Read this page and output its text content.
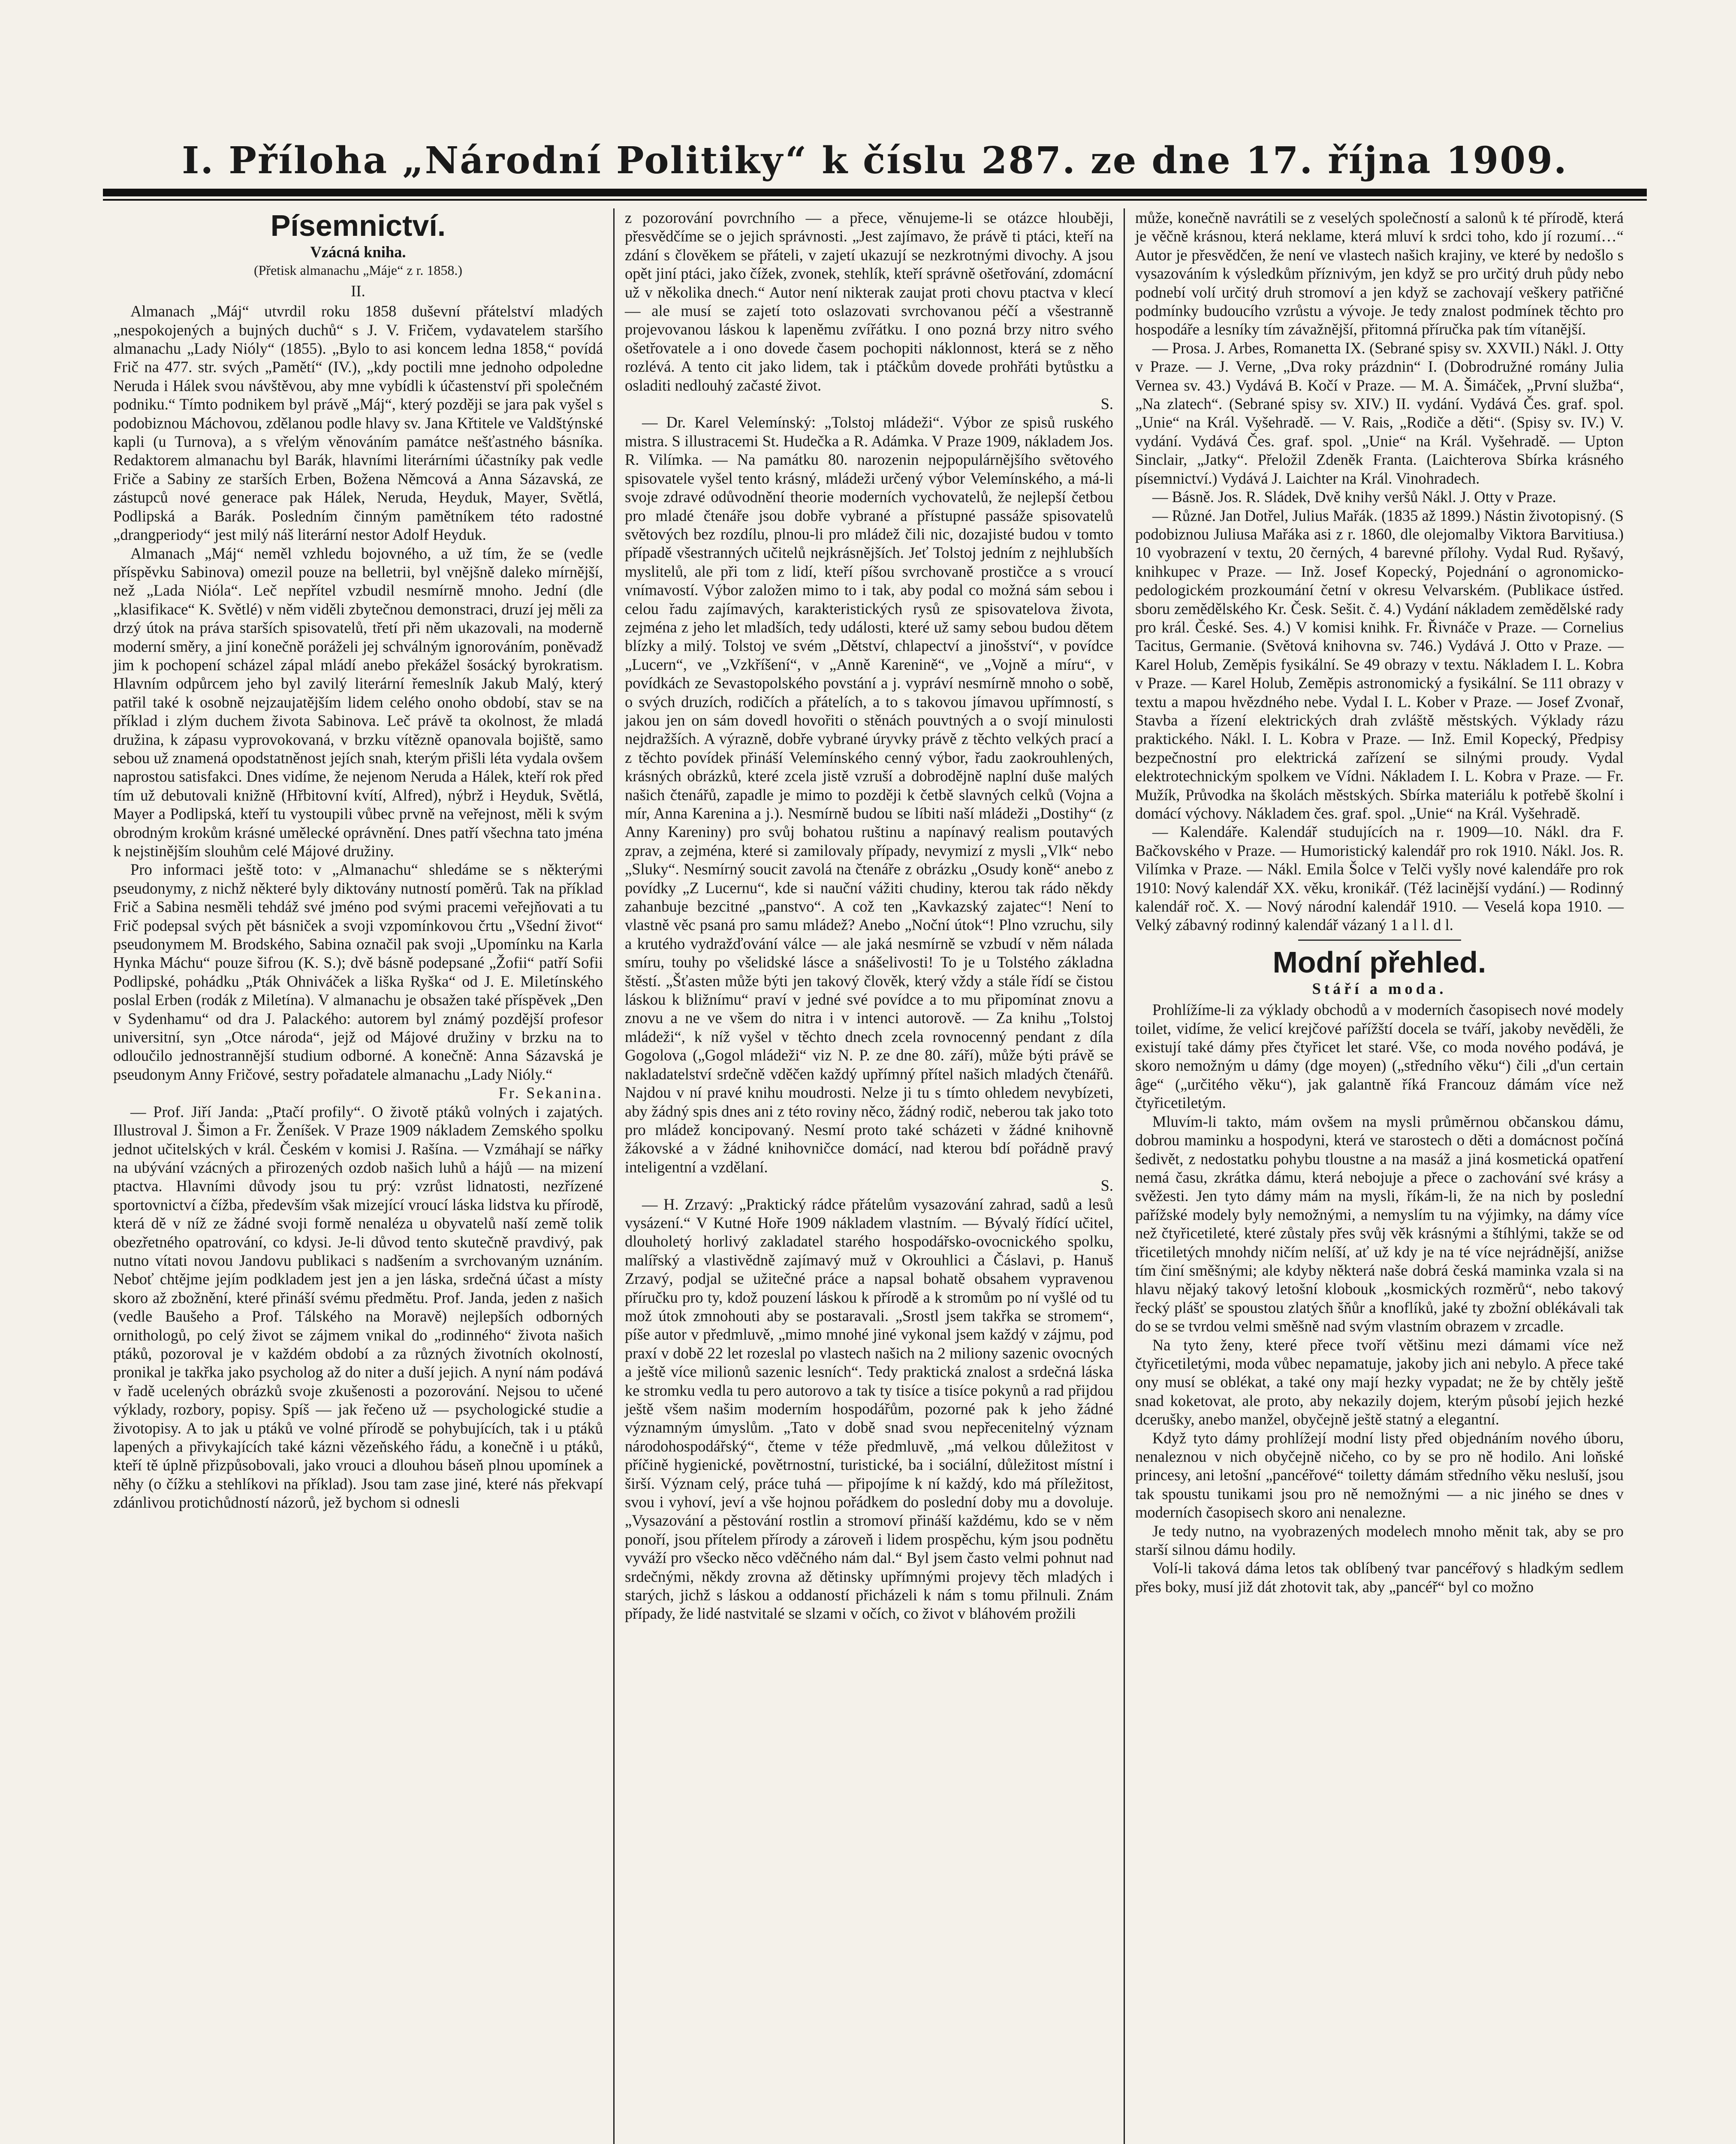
I. Příloha „Národní Politiky“ k číslu 287. ze dne 17. října 1909.
Písemnictví.

Vzácná kniha.

(Přetisk almanachu „Máje“ z r. 1858.)

II.

Almanach „Máj“ utvrdil roku 1858 duševní přátelství mladých „nespokojených a bujných duchů“ s J. V. Fričem, vydavatelem staršího almanachu „Lady Nióly“ (1855). „Bylo to asi koncem ledna 1858,“ povídá Frič na 477. str. svých „Pamětí“ (IV.), „kdy poctili mne jednoho odpoledne Neruda i Hálek svou návštěvou, aby mne vybídli k účastenství při společném podniku.“ Tímto podnikem byl právě „Máj“, který později se jara pak vyšel s podobiznou Máchovou, zdělanou podle hlavy sv. Jana Křtitele ve Valdštýnské kapli (u Turnova), a s vřelým věnováním památce nešťastného básníka. Redaktorem almanachu byl Barák, hlavními literárními účastníky pak vedle Friče a Sabiny ze starších Erben, Božena Němcová a Anna Sázavská, ze zástupců nové generace pak Hálek, Neruda, Heyduk, Mayer, Světlá, Podlipská a Barák. Posledním činným pamětníkem této radostné „drangperiody“ jest milý náš literární nestor Adolf Heyduk.

Almanach „Máj“ neměl vzhledu bojovného, a už tím, že se (vedle příspěvku Sabinova) omezil pouze na belletrii, byl vnějšně daleko mírnější, než „Lada Nióla“. Leč nepřítel vzbudil nesmírně mnoho. Jední (dle „klasifikace“ K. Světlé) v něm viděli zbytečnou demonstraci, druzí jej měli za drzý útok na práva starších spisovatelů, třetí při něm ukazovali, na moderně moderní směry, a jiní konečně poráželi jej schválným ignorováním, poněvadž jim k pochopení scházel zápal mládí anebo překážel šosácký byrokratism. Hlavním odpůrcem jeho byl zavilý literární řemeslník Jakub Malý, který patřil také k osobně nejzaujatějším lidem celého onoho období, stav se na příklad i zlým duchem života Sabinova. Leč právě ta okolnost, že mladá družina, k zápasu vyprovokovaná, v brzku vítězně opanovala bojiště, samo sebou už znamená opodstatněnost jejích snah, kterým přišli léta vydala ovšem naprostou satisfakci. Dnes vidíme, že nejenom Neruda a Hálek, kteří rok před tím už debutovali knižně (Hřbitovní kvítí, Alfred), nýbrž i Heyduk, Světlá, Mayer a Podlipská, kteří tu vystoupili vůbec prvně na veřejnost, měli k svým obrodným krokům krásné umělecké oprávnění. Dnes patří všechna tato jména k nejstinějším slouhům celé Májové družiny.

Pro informaci ještě toto: v „Almanachu“ shledáme se s některými pseudonymy, z nichž některé byly diktovány nutností poměrů. Tak na příklad Frič a Sabina nesměli tehdáž své jméno pod svými pracemi veřejňovati a tu Frič podepsal svých pět básniček a svoji vzpomínkovou črtu „Všední život“ pseudonymem M. Brodského, Sabina označil pak svoji „Upomínku na Karla Hynka Máchu“ pouze šifrou (K. S.); dvě básně podepsané „Žofii“ patří Sofii Podlipské, pohádku „Pták Ohniváček a liška Ryška“ od J. E. Miletínského poslal Erben (rodák z Miletína). V almanachu je obsažen také příspěvek „Den v Sydenhamu“ od dra J. Palackého: autorem byl známý pozdější profesor universitní, syn „Otce národa“, jejž od Májové družiny v brzku na to odloučilo jednostrannější studium odborné. A konečně: Anna Sázavská je pseudonym Anny Fričové, sestry pořadatele almanachu „Lady Nióly.“

Fr. Sekanina.

— Prof. Jiří Janda: „Ptačí profily“. O životě ptáků volných i zajatých. Illustroval J. Šimon a Fr. Ženíšek. V Praze 1909 nákladem Zemského spolku jednot učitelských v král. Českém v komisi J. Rašína. — Vzmáhají se nářky na ubývání vzácných a přirozených ozdob našich luhů a hájů — na mizení ptactva. Hlavními důvody jsou tu prý: vzrůst lidnatosti, nezřízené sportovnictví a čížba, především však mizející vroucí láska lidstva ku přírodě, která dě v níž ze žádné svoji formě nenaléza u obyvatelů naší země tolik obezřetného opatrování, co kdysi. Je-li důvod tento skutečně pravdivý, pak nutno vítati novou Jandovu publikaci s nadšením a svrchovaným uznáním. Neboť chtějme jejím podkladem jest jen a jen láska, srdečná účast a místy skoro až zbožnění, které přináší svému předmětu. Prof. Janda, jeden z našich (vedle Baušeho a Prof. Tálského na Moravě) nejlepších odborných ornithologů, po celý život se zájmem vnikal do „rodinného“ života našich ptáků, pozoroval je v každém období a za různých životních okolností, pronikal je takřka jako psycholog až do niter a duší jejich. A nyní nám podává v řadě ucelených obrázků svoje zkušenosti a pozorování. Nejsou to učené výklady, rozbory, popisy. Spíš — jak řečeno už — psychologické studie a životopisy. A to jak u ptáků ve volné přírodě se pohybujících, tak i u ptáků lapených a přivykajících také kázni vězeňského řádu, a konečně i u ptáků, kteří tě úplně přizpůsobovali, jako vrouci a dlouhou báseň plnou upomínek a něhy (o čížku a stehlíkovi na příklad). Jsou tam zase jiné, které nás překvapí zdánlivou protichůdností názorů, jež bychom si odnesli

z pozorování povrchního — a přece, věnujeme-li se otázce hlouběji, přesvědčíme se o jejich správnosti. „Jest zajímavo, že právě ti ptáci, kteří na zdání s člověkem se přáteli, v zajetí ukazují se nezkrotnými divochy. A jsou opět jiní ptáci, jako čížek, zvonek, stehlík, kteří správně ošetřování, zdomácní už v několika dnech.“ Autor není nikterak zaujat proti chovu ptactva v klecí — ale musí se zajetí toto oslazovati svrchovanou péčí a všestranně projevovanou láskou k lapeněmu zvířátku. I ono pozná brzy nitro svého ošetřovatele a i ono dovede časem pochopiti náklonnost, která se z něho rozlévá. A tento cit jako lidem, tak i ptáčkům dovede prohřáti bytůstku a osladiti nedlouhý začasté život.

S.

— Dr. Karel Velemínský: „Tolstoj mládeži“. Výbor ze spisů ruského mistra. S illustracemi St. Hudečka a R. Adámka. V Praze 1909, nákladem Jos. R. Vilímka. — Na památku 80. narozenin nejpopulárnějšího světového spisovatele vyšel tento krásný, mládeži určený výbor Velemínského, a má-li svoje zdravé odůvodnění theorie moderních vychovatelů, že nejlepší četbou pro mladé čtenáře jsou dobře vybrané a přístupné passáže spisovatelů světových bez rozdílu, plnou-li pro mládež čili nic, dozajisté budou v tomto případě všestranných učitelů nejkrásnějších. Jeť Tolstoj jedním z nejhlubších myslitelů, ale při tom z lidí, kteří píšou svrchovaně prostičce a s vroucí vnímavostí. Výbor založen mimo to i tak, aby podal co možná sám sebou i celou řadu zajímavých, karakteristických rysů ze spisovatelova života, zejména z jeho let mladších, tedy události, které už samy sebou budou dětem blízky a milý. Tolstoj ve svém „Dětství, chlapectví a jinošství“, v povídce „Lucern“, ve „Vzkříšení“, v „Anně Karenině“, ve „Vojně a míru“, v povídkách ze Sevastopolského povstání a j. vypráví nesmírně mnoho o sobě, o svých druzích, rodičích a přátelích, a to s takovou jímavou upřímností, s jakou jen on sám dovedl hovořiti o stěnách pouvtných a o svojí minulosti nejdražších. A výrazně, dobře vybrané úryvky právě z těchto velkých prací a z těchto povídek přináší Velemínského cenný výbor, řadu zaokrouhlených, krásných obrázků, které zcela jistě vzruší a dobrodějně naplní duše malých našich čtenářů, zapadle je mimo to později k četbě slavných celků (Vojna a mír, Anna Karenina a j.). Nesmírně budou se líbiti naší mládeži „Dostihy“ (z Anny Kareniny) pro svůj bohatou ruštinu a napínavý realism poutavých zprav, a zejména, které si zamilovaly případy, nevymizí z mysli „Vlk“ nebo „Sluky“. Nesmírný soucit zavolá na čtenáře z obrázku „Osudy koně“ anebo z povídky „Z Lucernu“, kde si nauční vážiti chudiny, kterou tak rádo někdy zahanbuje bezcitné „panstvo“. A což ten „Kavkazský zajatec“! Není to vlastně věc psaná pro samu mládež? Anebo „Noční útok“! Plno vzruchu, sily a krutého vydražďování válce — ale jaká nesmírně se vzbudí v něm nálada smíru, touhy po všelidské lásce a snášelivosti! To je u Tolstého základna štěstí. „Šťasten může býti jen takový člověk, který vždy a stále řídí se čistou láskou k bližnímu“ praví v jedné své povídce a to mu připomínat znovu a znovu a ne ve všem do nitra i v intenci autorově. — Za knihu „Tolstoj mládeži“, k níž vyšel v těchto dnech zcela rovnocenný pendant z díla Gogolova („Gogol mládeži“ viz N. P. ze dne 80. září), může býti právě se nakladatelství srdečně vděčen každý upřímný přítel našich mladých čtenářů. Najdou v ní pravé knihu moudrosti. Nelze ji tu s tímto ohledem nevybízeti, aby žádný spis dnes ani z této roviny něco, žádný rodič, neberou tak jako toto pro mládež koncipovaný. Nesmí proto také scházeti v žádné knihovně žákovské a v žádné knihovničce domácí, nad kterou bdí pořádně pravý inteligentní a vzdělaní.

S.

— H. Zrzavý: „Praktický rádce přátelům vysazování zahrad, sadů a lesů vysázení.“ V Kutné Hoře 1909 nákladem vlastním. — Bývalý řídící učitel, dlouholetý horlivý zakladatel starého hospodářsko-ovocnického spolku, malířský a vlastivědně zajímavý muž v Okrouhlici a Čáslavi, p. Hanuš Zrzavý, podjal se užitečné práce a napsal bohatě obsahem vypravenou příručku pro ty, kdož pouzení láskou k přírodě a k stromům po ní vyšlé od tu mož útok zmnohouti aby se postaravali. „Srostl jsem takřka se stromem“, píše autor v předmluvě, „mimo mnohé jiné vykonal jsem každý v zájmu, pod praxí v době 22 let rozeslal po vlastech našich na 2 miliony sazenic ovocných a ještě více milionů sazenic lesních“. Tedy praktická znalost a srdečná láska ke stromku vedla tu pero autorovo a tak ty tisíce a tisíce pokynů a rad přijdou ještě všem našim moderním hospodářům, pozorné pak k jeho žádné významným úmyslům. „Tato v době snad svou nepřecenitelný význam národohospodářský“, čteme v téže předmluvě, „má velkou důležitost v příčině hygienické, povětrnostní, turistické, ba i sociální, důležitost místní i širší. Význam celý, práce tuhá — připojíme k ní každý, kdo má příležitost, svou i vyhoví, jeví a vše hojnou pořádkem do poslední doby mu a dovoluje. „Vysazování a pěstování rostlin a stromoví přináší každému, kdo se v něm ponoří, jsou přítelem přírody a zároveň i lidem prospěchu, kým jsou podnětu vyváží pro všecko něco vděčného nám dal.“ Byl jsem často velmi pohnut nad srdečnými, někdy zrovna až dětinsky upřímnými projevy těch mladých i starých, jichž s láskou a oddaností přicházeli k nám s tomu přilnuli. Znám případy, že lidé nastvitalé se slzami v očích, co život v bláhovém prožili

může, konečně navrátili se z veselých společností a salonů k té přírodě, která je věčně krásnou, která neklame, která mluví k srdci toho, kdo jí rozumí…“ Autor je přesvědčen, že není ve vlastech našich krajiny, ve které by nedošlo s vysazováním k výsledkům příznivým, jen když se pro určitý druh půdy nebo podnebí volí určitý druh stromoví a jen když se zachovají veškery patřičné podmínky budoucího vzrůstu a vývoje. Je tedy znalost podmínek těchto pro hospodáře a lesníky tím závažnější, přitomná příručka pak tím vítanější.

— Prosa. J. Arbes, Romanetta IX. (Sebrané spisy sv. XXVII.) Nákl. J. Otty v Praze. — J. Verne, „Dva roky prázdnin“ I. (Dobrodružné romány Julia Vernea sv. 43.) Vydává B. Kočí v Praze. — M. A. Šimáček, „První služba“, „Na zlatech“. (Sebrané spisy sv. XIV.) II. vydání. Vydává Čes. graf. spol. „Unie“ na Král. Vyšehradě. — V. Rais, „Rodiče a děti“. (Spisy sv. IV.) V. vydání. Vydává Čes. graf. spol. „Unie“ na Král. Vyšehradě. — Upton Sinclair, „Jatky“. Přeložil Zdeněk Franta. (Laichterova Sbírka krásného písemnictví.) Vydává J. Laichter na Král. Vinohradech.

— Básně. Jos. R. Sládek, Dvě knihy veršů Nákl. J. Otty v Praze.

— Různé. Jan Dotřel, Julius Mařák. (1835 až 1899.) Nástin životopisný. (S podobiznou Juliusa Mařáka asi z r. 1860, dle olejomalby Viktora Barvitiusa.) 10 vyobrazení v textu, 20 černých, 4 barevné přílohy. Vydal Rud. Ryšavý, knihkupec v Praze. — Inž. Josef Kopecký, Pojednání o agronomicko-pedologickém prozkoumání četní v okresu Velvarském. (Publikace ústřed. sboru zemědělského Kr. Česk. Sešit. č. 4.) Vydání nákladem zemědělské rady pro král. České. Ses. 4.) V komisi knihk. Fr. Řivnáče v Praze. — Cornelius Tacitus, Germanie. (Světová knihovna sv. 746.) Vydává J. Otto v Praze. — Karel Holub, Zeměpis fysikální. Se 49 obrazy v textu. Nákladem I. L. Kobra v Praze. — Karel Holub, Zeměpis astronomický a fysikální. Se 111 obrazy v textu a mapou hvězdného nebe. Vydal I. L. Kober v Praze. — Josef Zvonař, Stavba a řízení elektrických drah zvláště městských. Výklady rázu praktického. Nákl. I. L. Kobra v Praze. — Inž. Emil Kopecký, Předpisy bezpečnostní pro elektrická zařízení se silnými proudy. Vydal elektrotechnickým spolkem ve Vídni. Nákladem I. L. Kobra v Praze. — Fr. Mužík, Průvodka na školách městských. Sbírka materiálu k potřebě školní i domácí výchovy. Nákladem čes. graf. spol. „Unie“ na Král. Vyšehradě.

— Kalendáře. Kalendář studujících na r. 1909—10. Nákl. dra F. Bačkovského v Praze. — Humoristický kalendář pro rok 1910. Nákl. Jos. R. Vilímka v Praze. — Nákl. Emila Šolce v Telči vyšly nové kalendáře pro rok 1910: Nový kalendář XX. věku, kronikář. (Též lacinější vydání.) — Rodinný kalendář roč. X. — Nový národní kalendář 1910. — Veselá kopa 1910. — Velký zábavný rodinný kalendář vázaný 1 a l l. d l.

Modní přehled.

Stáří a moda.

Prohlížíme-li za výklady obchodů a v moderních časopisech nové modely toilet, vidíme, že velicí krejčové pařížští docela se tváří, jakoby nevěděli, že existují také dámy přes čtyřicet let staré. Vše, co moda nového podává, je skoro nemožným u dámy (dge moyen) („středního věku“) čili „d'un certain âge“ („určitého věku“), jak galantně říká Francouz dámám více než čtyřicetiletým.

Mluvím-li takto, mám ovšem na mysli průměrnou občanskou dámu, dobrou maminku a hospodyni, která ve starostech o děti a domácnost počíná šedivět, z nedostatku pohybu tloustne a na masáž a jiná kosmetická opatření nemá času, zkrátka dámu, která nebojuje a přece o zachování své krásy a svěžesti. Jen tyto dámy mám na mysli, říkám-li, že na nich by poslední pařížské modely byly nemožnými, a nemyslím tu na výjimky, na dámy více než čtyřicetileté, které zůstaly přes svůj věk krásnými a štíhlými, takže se od třicetiletých mnohdy ničím nelíší, ať už kdy je na té více nejrádnější, anižse tím činí směšnými; ale kdyby některá naše dobrá česká maminka vzala si na hlavu nějaký takový letošní klobouk „kosmických rozměrů“, nebo takový řecký plášť se spoustou zlatých šňůr a knoflíků, jaké ty zbožní oblékávali tak do se se tvrdou velmi směšně nad svým vlastním obrazem v zrcadle.

Na tyto ženy, které přece tvoří většinu mezi dámami více než čtyřicetiletými, moda vůbec nepamatuje, jakoby jich ani nebylo. A přece také ony musí se oblékat, a také ony mají hezky vypadat; ne že by chtěly ještě snad koketovat, ale proto, aby nekazily dojem, kterým působí jejich hezké dcerušky, anebo manžel, obyčejně ještě statný a elegantní.

Když tyto dámy prohlížejí modní listy před objednáním nového úboru, nenaleznou v nich obyčejně ničeho, co by se pro ně hodilo. Ani loňské princesy, ani letošní „pancéřové“ toiletty dámám středního věku nesluší, jsou tak spoustu tunikami jsou pro ně nemožnými — a nic jiného se dnes v moderních časopisech skoro ani nenalezne.

Je tedy nutno, na vyobrazených modelech mnoho měnit tak, aby se pro starší silnou dámu hodily.

Volí-li taková dáma letos tak oblíbený tvar pancéřový s hladkým sedlem přes boky, musí již dát zhotovit tak, aby „pancéř“ byl co možno
